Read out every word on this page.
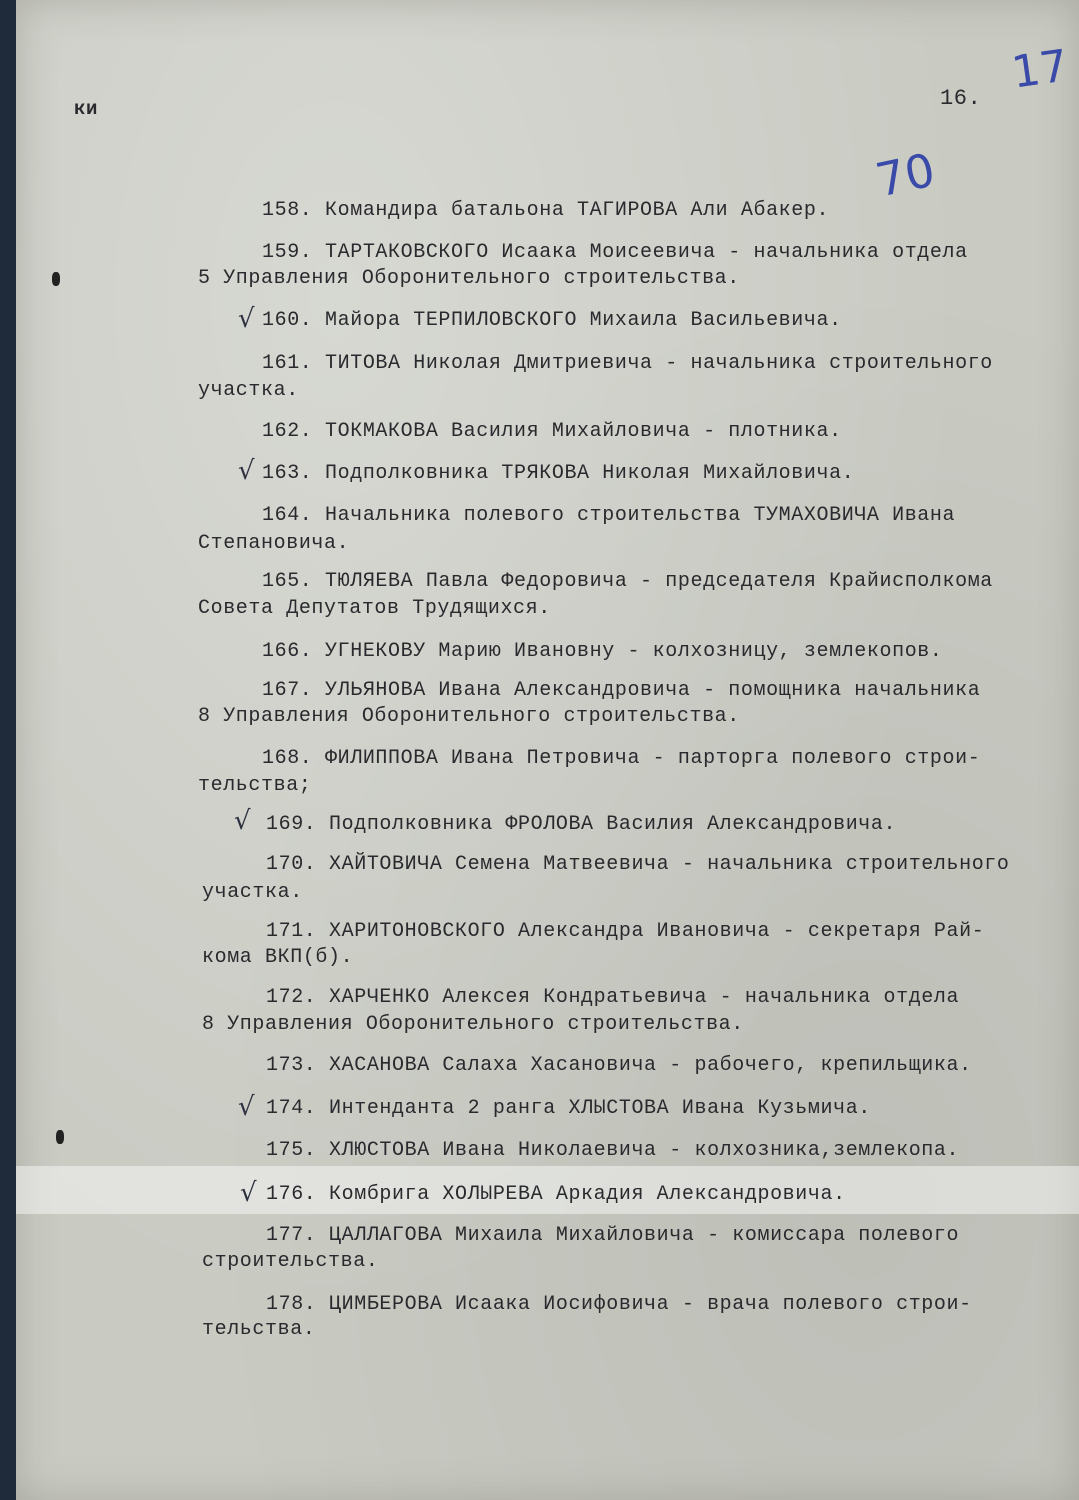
ки	16. 17
70
158. Командира батальона ТАГИРОВА Али Абакер.
159. ТАРТАКОВСКОГО Исаака Моисеевича - начальника отдела
5 Управления Оборонительного строительства.
√ 160. Майора ТЕРПИЛОВСКОГО Михаила Васильевича.
161. ТИТОВА Николая Дмитриевича - начальника строительного
участка.
162. ТОКМАКОВА Василия Михайловича - плотника.
√ 163. Подполковника ТРЯКОВА Николая Михайловича.
164. Начальника полевого строительства ТУМАХОВИЧА Ивана
Степановича.
165. ТЮЛЯЕВА Павла Федоровича - председателя Крайисполкома
Совета Депутатов Трудящихся.
166. УГНЕКОВУ Марию Ивановну - колхозницу, землекопов.
167. УЛЬЯНОВА Ивана Александровича - помощника начальника
8 Управления Оборонительного строительства.
168. ФИЛИППОВА Ивана Петровича - парторга полевого строи-
тельства;
√ 169. Подполковника ФРОЛОВА Василия Александровича.
170. ХАЙТОВИЧА Семена Матвеевича - начальника строительного
участка.
171. ХАРИТОНОВСКОГО Александра Ивановича - секретаря Рай-
кома ВКП(б).
172. ХАРЧЕНКО Алексея Кондратьевича - начальника отдела
8 Управления Оборонительного строительства.
173. ХАСАНОВА Салаха Хасановича - рабочего, крепильщика.
√ 174. Интенданта 2 ранга ХЛЫСТОВА Ивана Кузьмича.
175. ХЛЮСТОВА Ивана Николаевича - колхозника,землекопа.
√ 176. Комбрига ХОЛЫРЕВА Аркадия Александровича.
177. ЦАЛЛАГОВА Михаила Михайловича - комиссара полевого
строительства.
178. ЦИМБЕРОВА Исаака Иосифовича - врача полевого строи-
тельства.
